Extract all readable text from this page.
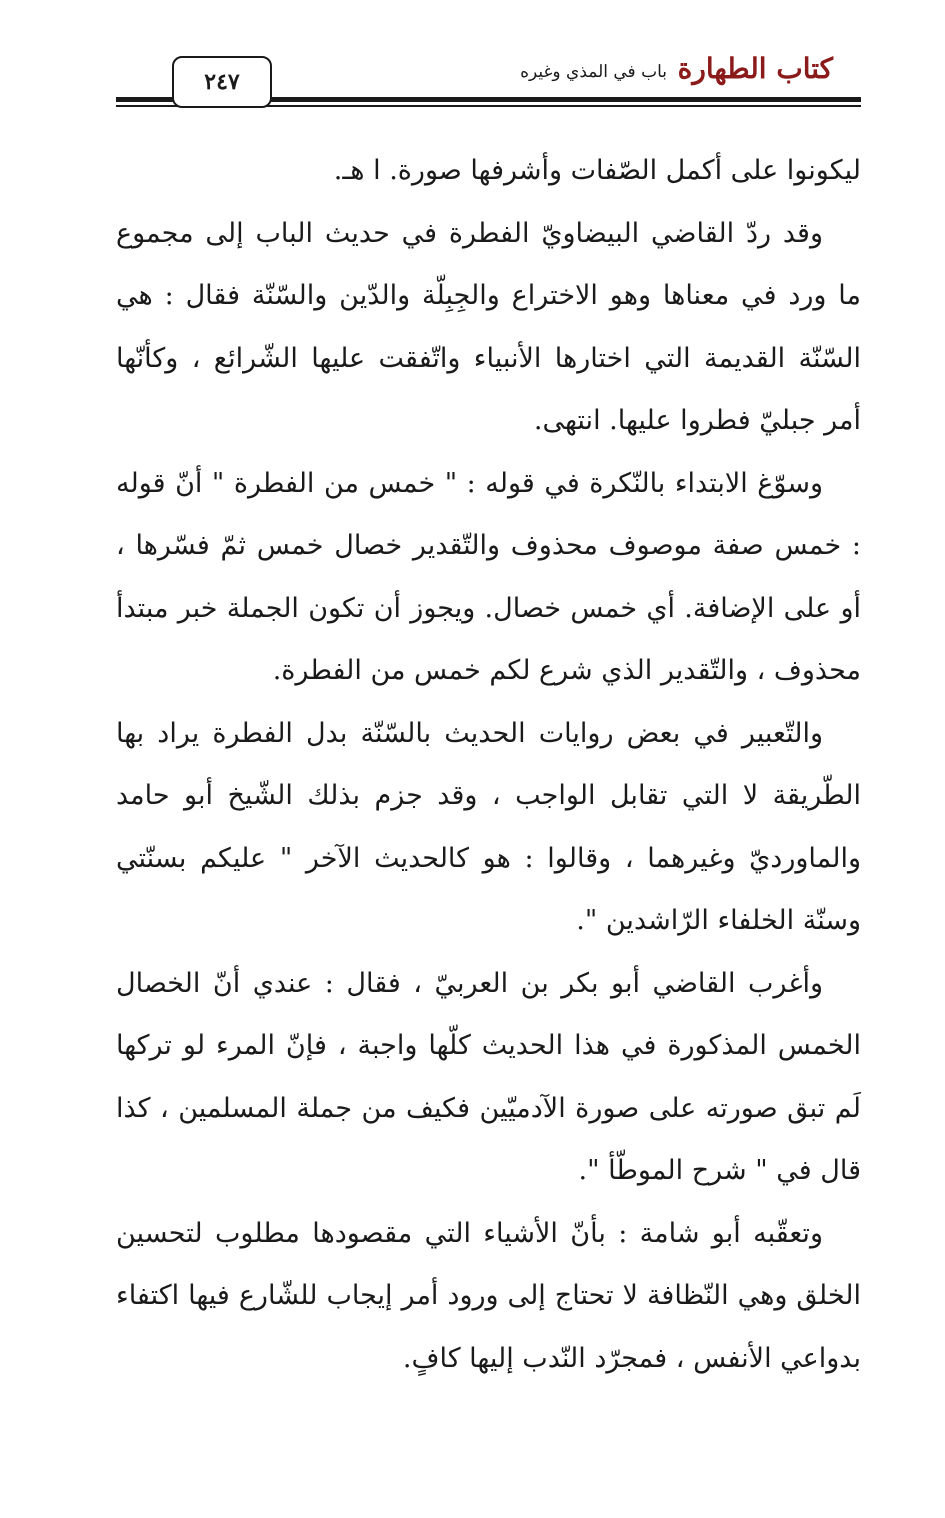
كتاب الطهارة
باب في المذي وغيره
٢٤٧

ليكونوا على أكمل الصّفات وأشرفها صورة. ا هـ.

وقد ردّ القاضي البيضاويّ الفطرة في حديث الباب إلى مجموع ما ورد في معناها وهو الاختراع والجِبِلّة والدّين والسّنّة فقال : هي السّنّة القديمة التي اختارها الأنبياء واتّفقت عليها الشّرائع ، وكأنّها أمر جبليّ فطروا عليها. انتهى.

وسوّغ الابتداء بالنّكرة في قوله : " خمس من الفطرة " أنّ قوله : خمس صفة موصوف محذوف والتّقدير خصال خمس ثمّ فسّرها ، أو على الإضافة. أي خمس خصال. ويجوز أن تكون الجملة خبر مبتدأ محذوف ، والتّقدير الذي شرع لكم خمس من الفطرة.

والتّعبير في بعض روايات الحديث بالسّنّة بدل الفطرة يراد بها الطّريقة لا التي تقابل الواجب ، وقد جزم بذلك الشّيخ أبو حامد والماورديّ وغيرهما ، وقالوا : هو كالحديث الآخر " عليكم بسنّتي وسنّة الخلفاء الرّاشدين ".

وأغرب القاضي أبو بكر بن العربيّ ، فقال : عندي أنّ الخصال الخمس المذكورة في هذا الحديث كلّها واجبة ، فإنّ المرء لو تركها لَم تبق صورته على صورة الآدميّين فكيف من جملة المسلمين ، كذا قال في " شرح الموطّأ ".

وتعقّبه أبو شامة : بأنّ الأشياء التي مقصودها مطلوب لتحسين الخلق وهي النّظافة لا تحتاج إلى ورود أمر إيجاب للشّارع فيها اكتفاء بدواعي الأنفس ، فمجرّد النّدب إليها كافٍ.
